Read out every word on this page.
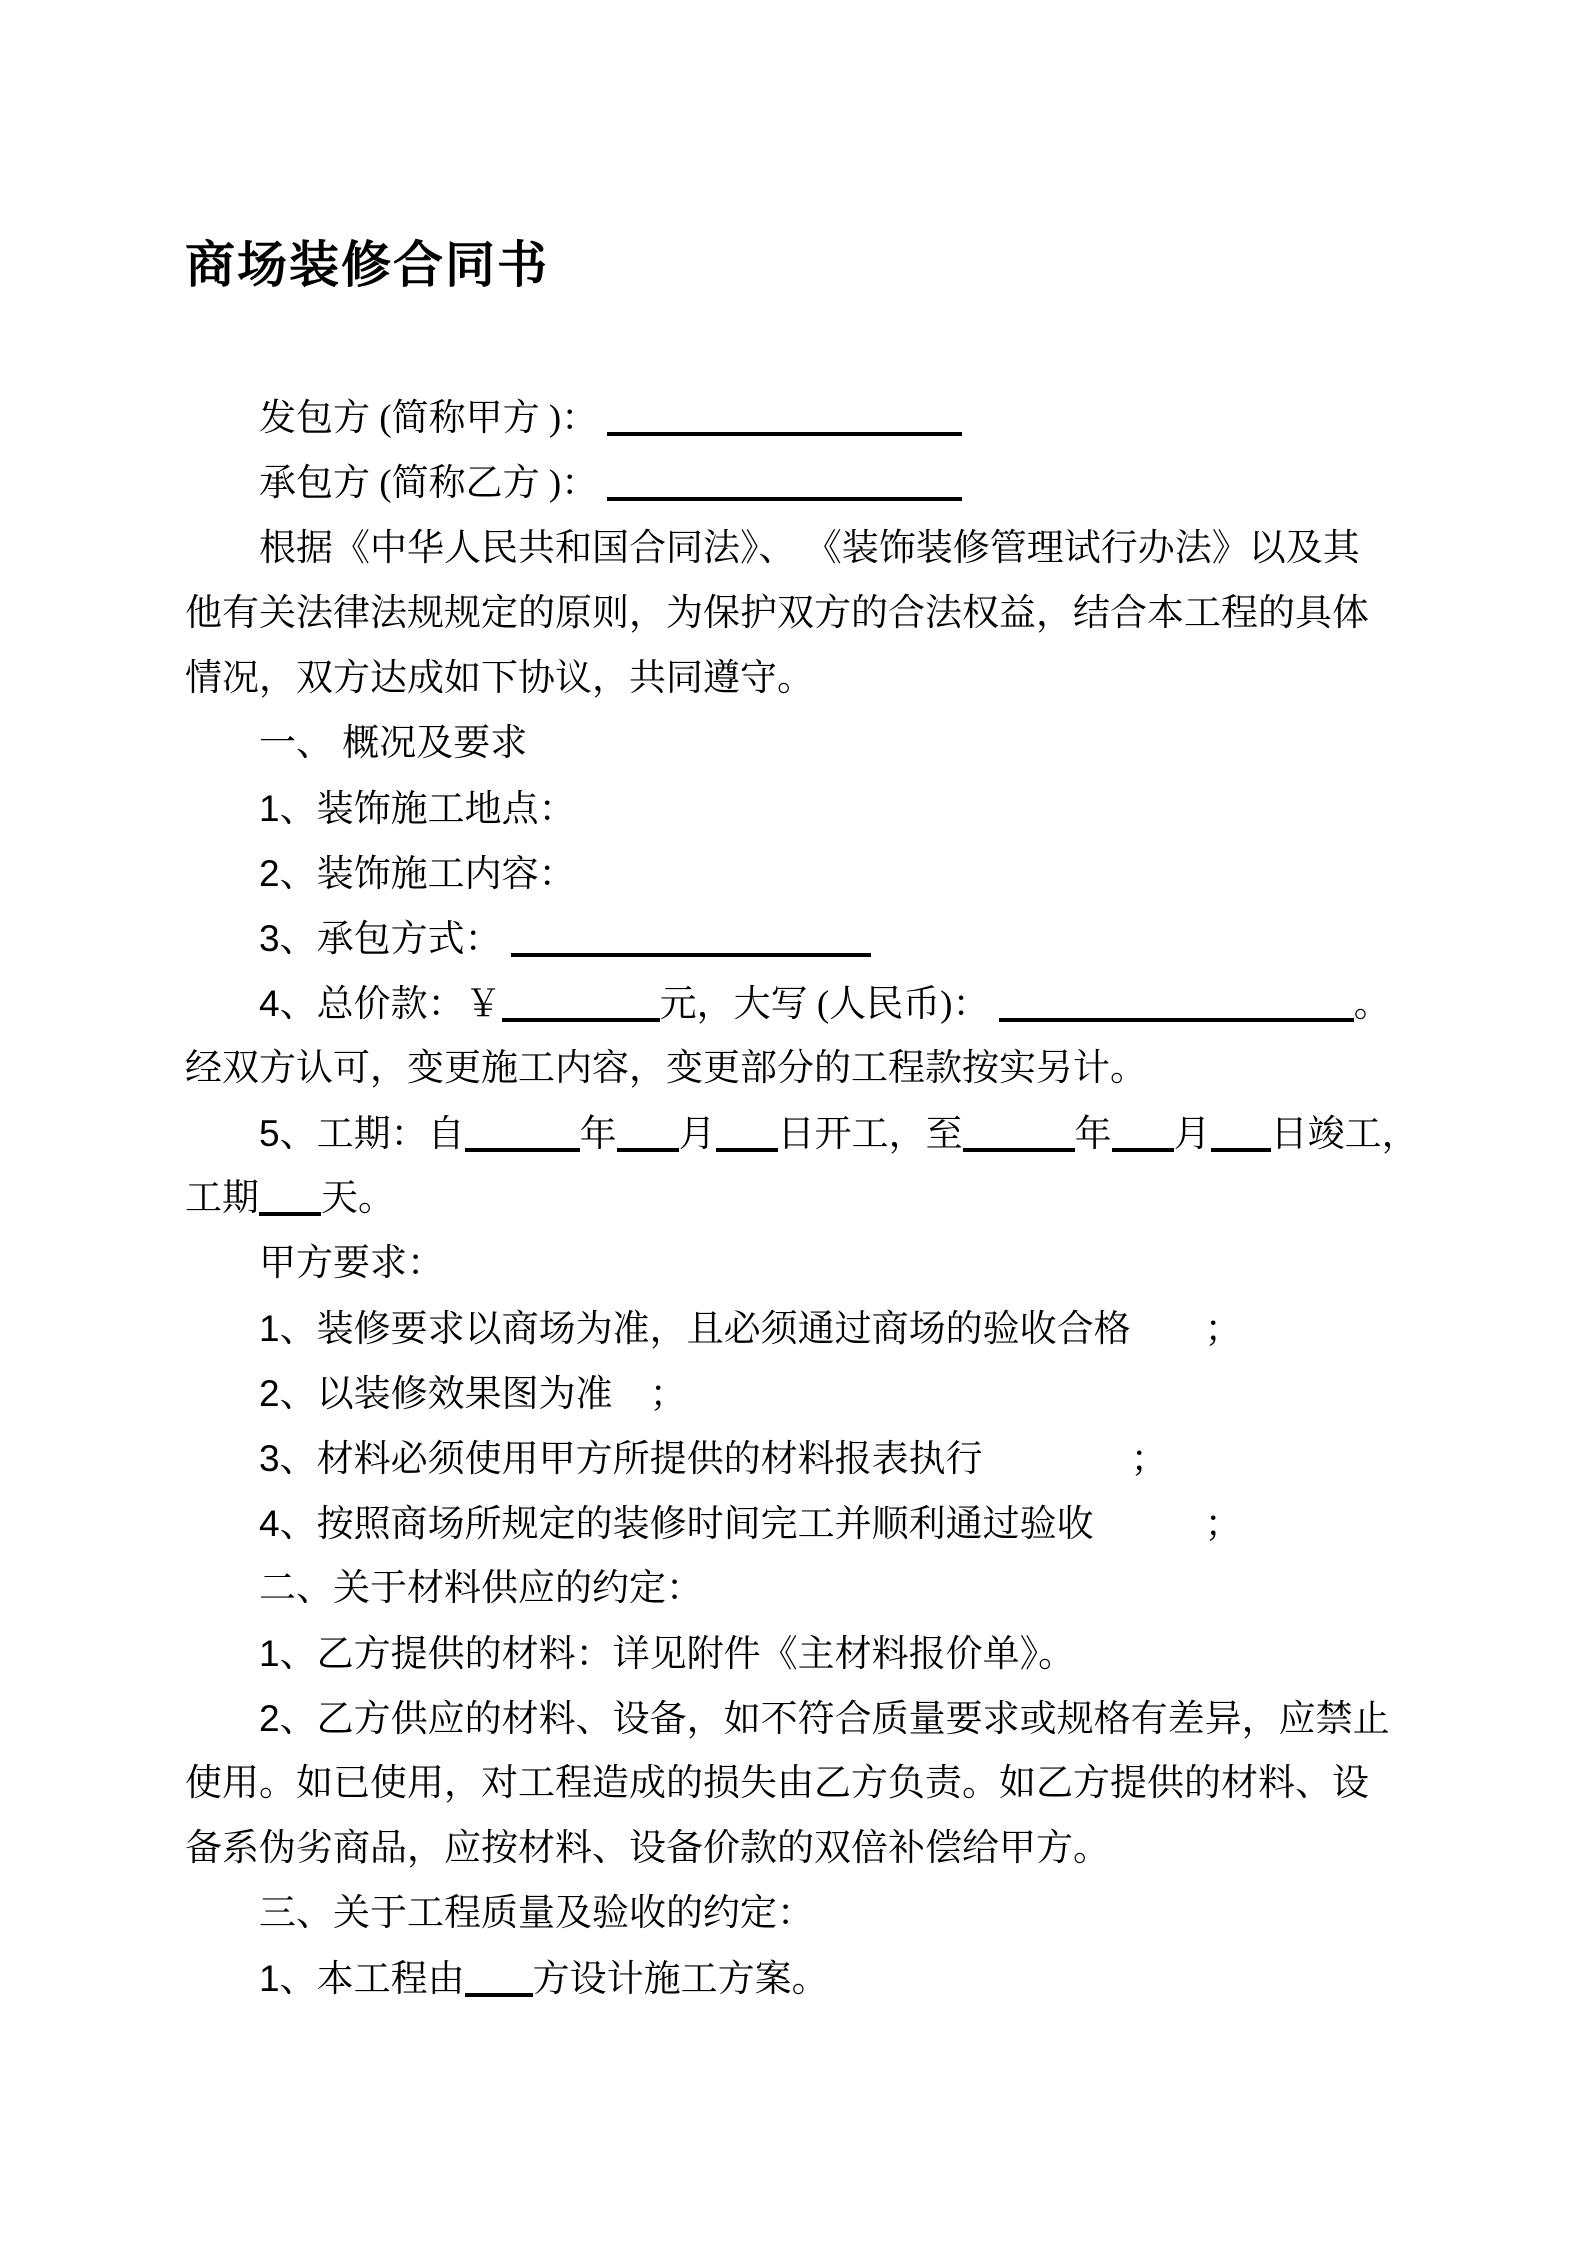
商场装修合同书
发包方 (简称甲方 )：
承包方 (简称乙方 )：
根据《中华人民共和国合同法》、 《装饰装修管理试行办法》以及其
他有关法律法规规定的原则，为保护双方的合法权益，结合本工程的具体
情况，双方达成如下协议，共同遵守。
一、 概况及要求
1、装饰施工地点：
2、装饰施工内容：
3、承包方式：
4、总价款：￥	元，大写 (人民币)：	。
经双方认可，变更施工内容，变更部分的工程款按实另计。
5、工期：自	年 月 日开工，至	年 月 日竣工，
工期 天。
甲方要求：
1、装修要求以商场为准，且必须通过商场的验收合格　　；
2、以装修效果图为准　；
3、材料必须使用甲方所提供的材料报表执行　　　　；
4、按照商场所规定的装修时间完工并顺利通过验收　　　；
二、关于材料供应的约定：
1、乙方提供的材料：详见附件《主材料报价单》。
2、乙方供应的材料、设备，如不符合质量要求或规格有差异，应禁止
使用。如已使用，对工程造成的损失由乙方负责。如乙方提供的材料、设
备系伪劣商品，应按材料、设备价款的双倍补偿给甲方。
三、关于工程质量及验收的约定：
1、本工程由 方设计施工方案。
